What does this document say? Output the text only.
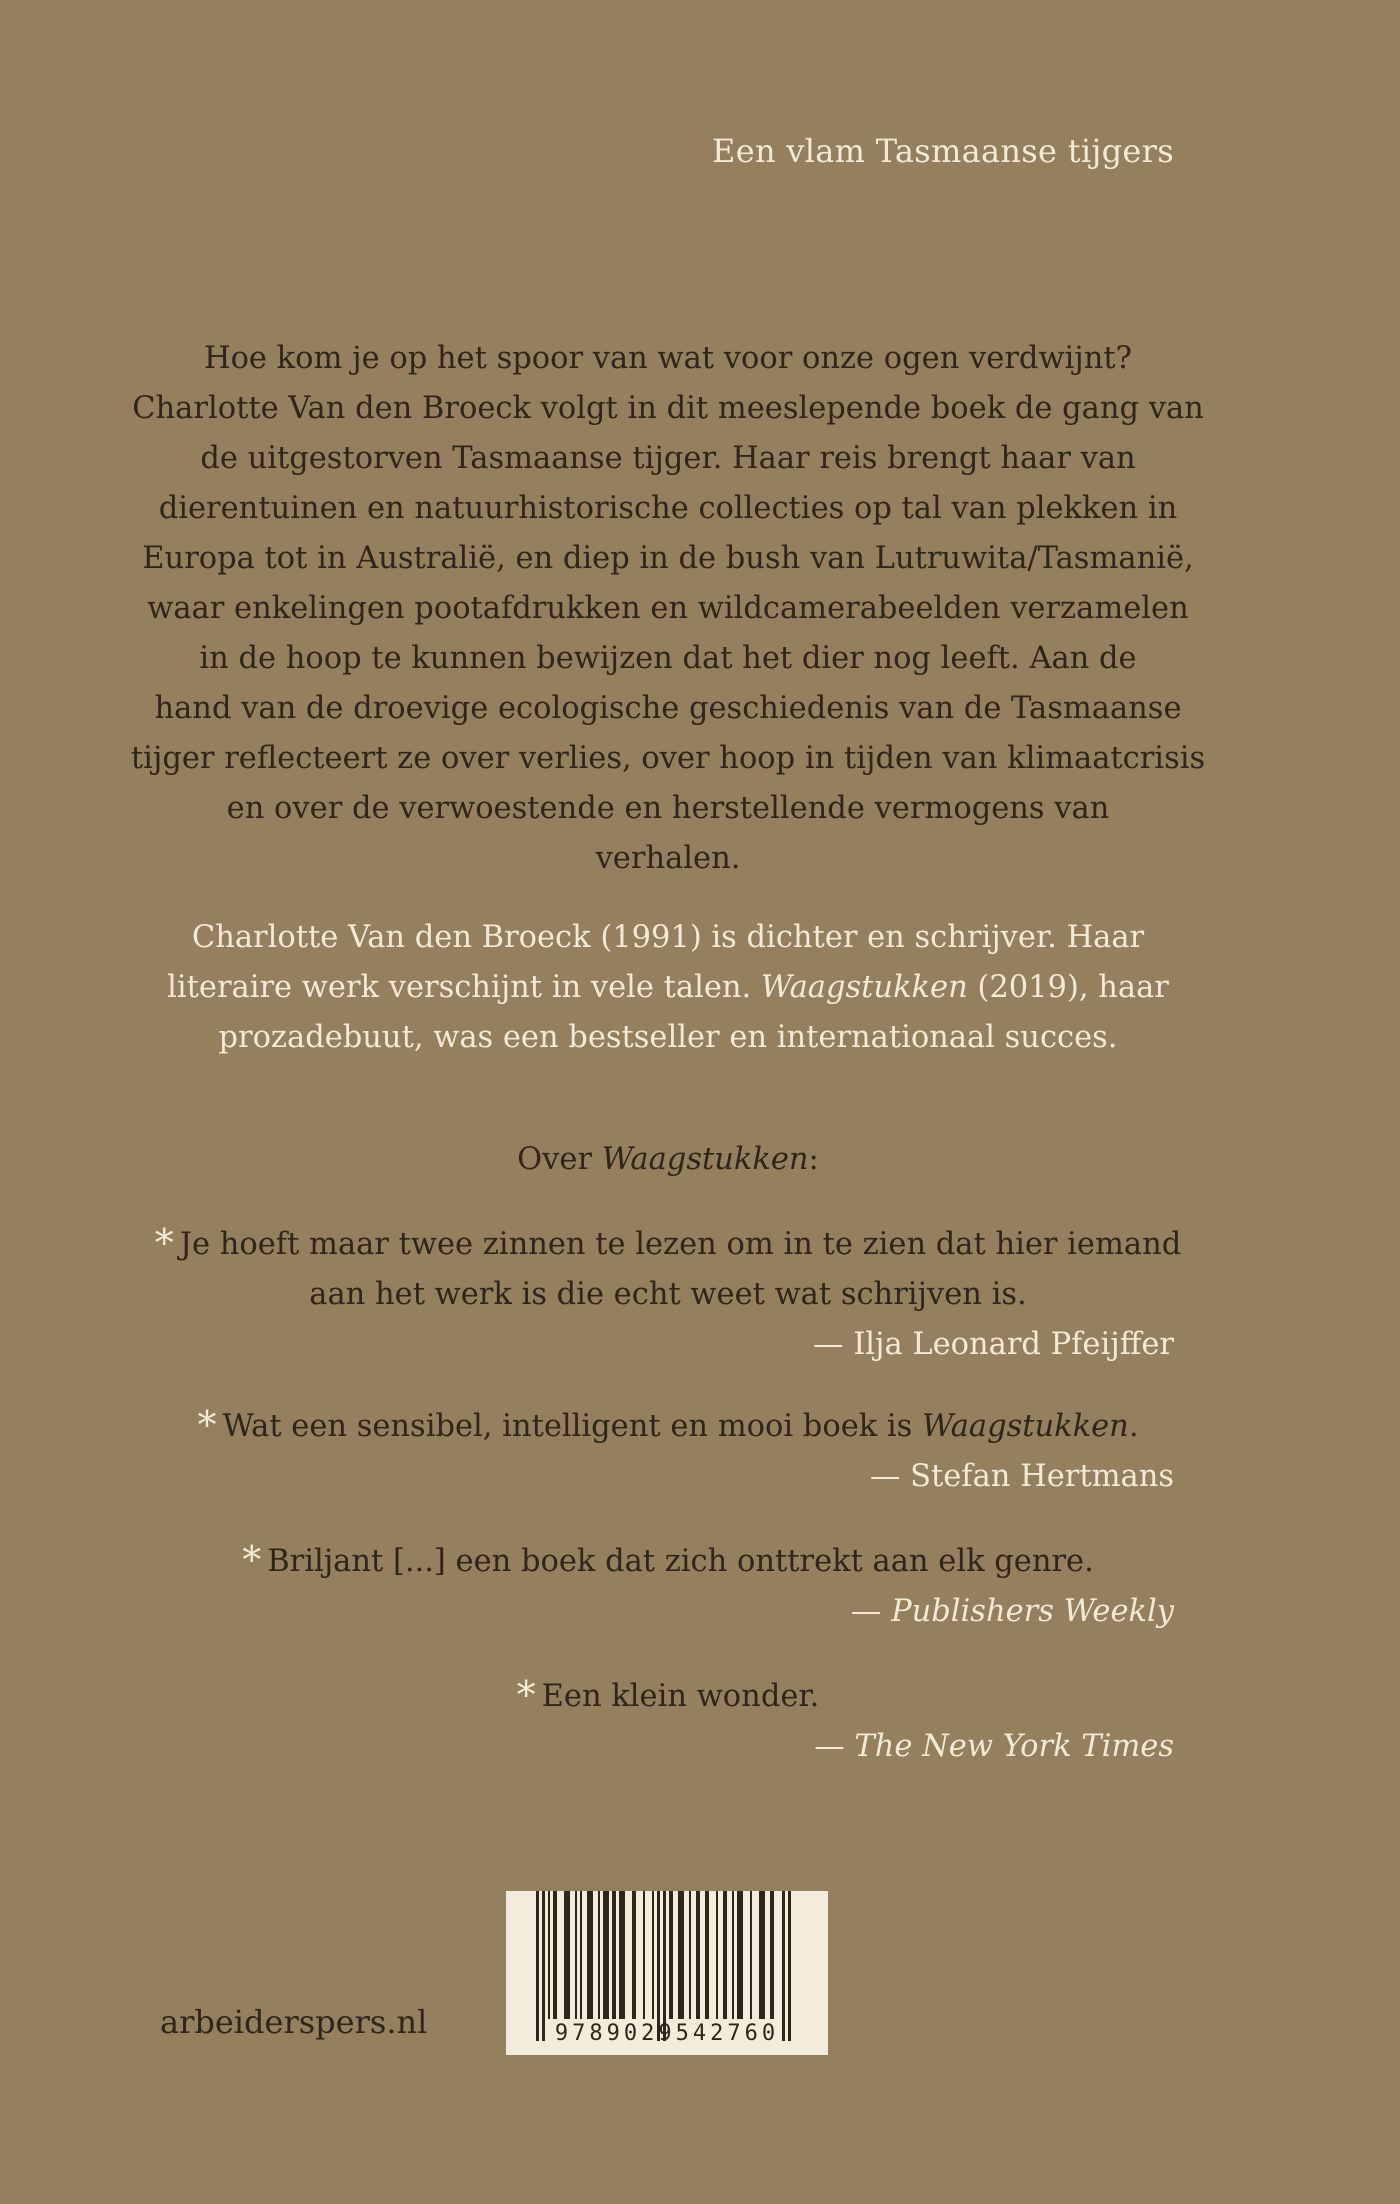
Een vlam Tasmaanse tijgers

Hoe kom je op het spoor van wat voor onze ogen verdwijnt?
Charlotte Van den Broeck volgt in dit meeslepende boek de gang van
de uitgestorven Tasmaanse tijger. Haar reis brengt haar van
dierentuinen en natuurhistorische collecties op tal van plekken in
Europa tot in Australië, en diep in de bush van Lutruwita/Tasmanië,
waar enkelingen pootafdrukken en wildcamerabeelden verzamelen
in de hoop te kunnen bewijzen dat het dier nog leeft. Aan de
hand van de droevige ecologische geschiedenis van de Tasmaanse
tijger reflecteert ze over verlies, over hoop in tijden van klimaatcrisis
en over de verwoestende en herstellende vermogens van
verhalen.

Charlotte Van den Broeck (1991) is dichter en schrijver. Haar
literaire werk verschijnt in vele talen. Waagstukken (2019), haar
prozadebuut, was een bestseller en internationaal succes.

Over Waagstukken:

* Je hoeft maar twee zinnen te lezen om in te zien dat hier iemand
aan het werk is die echt weet wat schrijven is.
— Ilja Leonard Pfeijffer
* Wat een sensibel, intelligent en mooi boek is Waagstukken.
— Stefan Hertmans
* Briljant [...] een boek dat zich onttrekt aan elk genre.
— Publishers Weekly
* Een klein wonder.
— The New York Times
arbeiderspers.nl	9789029542760
